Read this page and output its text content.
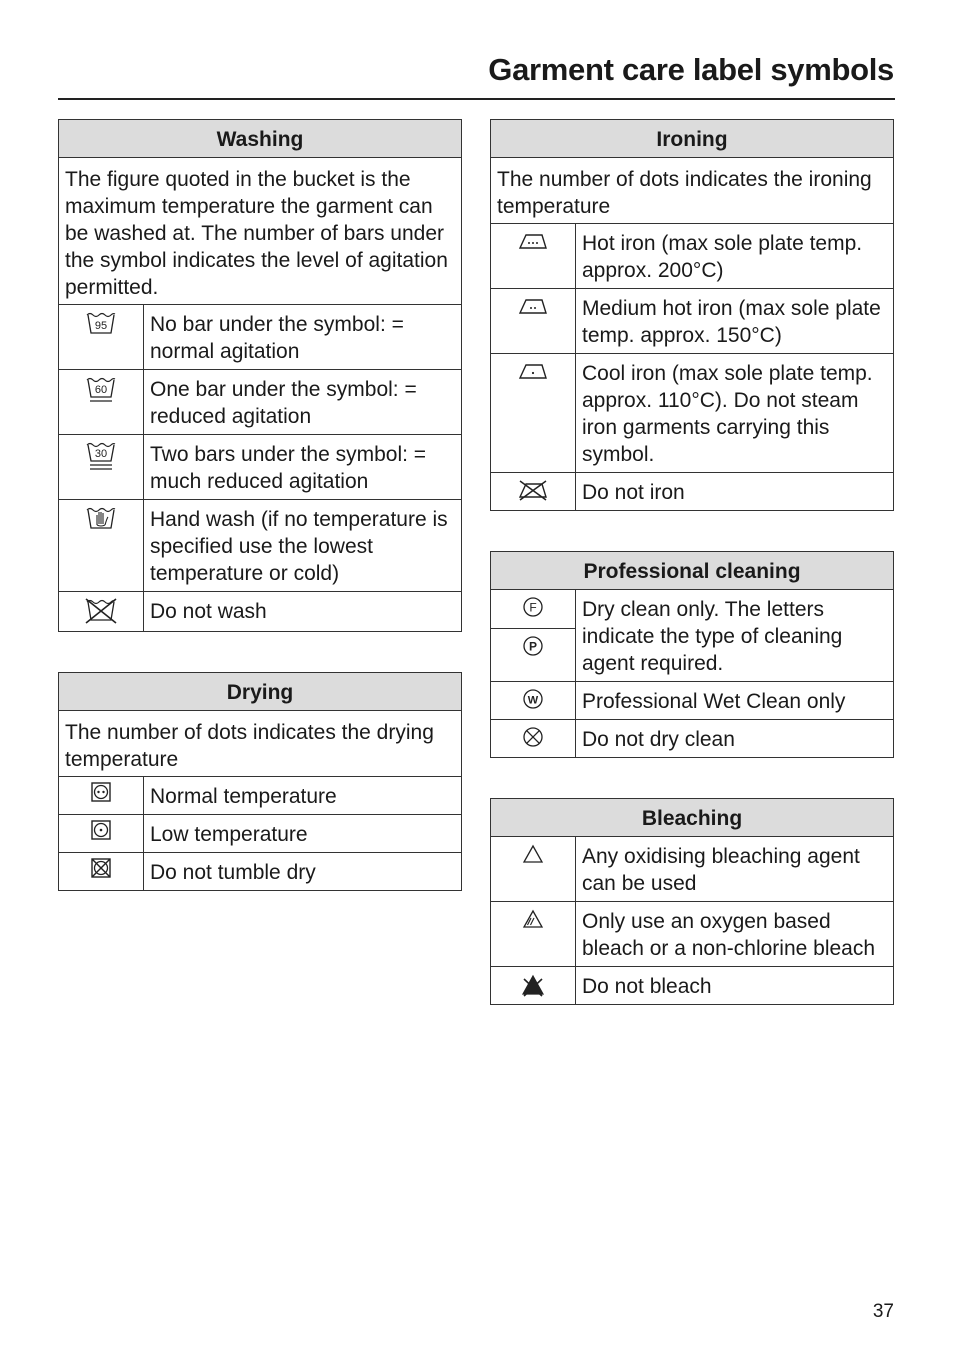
Garment care label symbols
Washing	
The figure quoted in the bucket is the maximum temperature the garment can be washed at. The number of bars under the symbol indicates the level of agitation permitted.	

95	No bar under the symbol: = normal agitation

60	One bar under the symbol: = reduced agitation

30	Two bars under the symbol: = much reduced agitation
	Hand wash (if no temperature is specified use the lowest temperature or cold)
	Do not wash
Drying	
The number of dots indicates the drying temperature	
	Normal temperature
	Low temperature
	Do not tumble dry
Ironing	
The number of dots indicates the ironing temperature	
	Hot iron (max sole plate temp. approx. 200°C)
	Medium hot iron (max sole plate temp. approx. 150°C)
	Cool iron (max sole plate temp. approx. 110°C). Do not steam iron garments carrying this symbol.
	Do not iron
Professional cleaning	

F	Dry clean only. The letters indicate the type of cleaning agent required.

P	

W	Professional Wet Clean only
	Do not dry clean
Bleaching	
	Any oxidising bleaching agent can be used
	Only use an oxygen based bleach or a non-chlorine bleach
	Do not bleach
37
